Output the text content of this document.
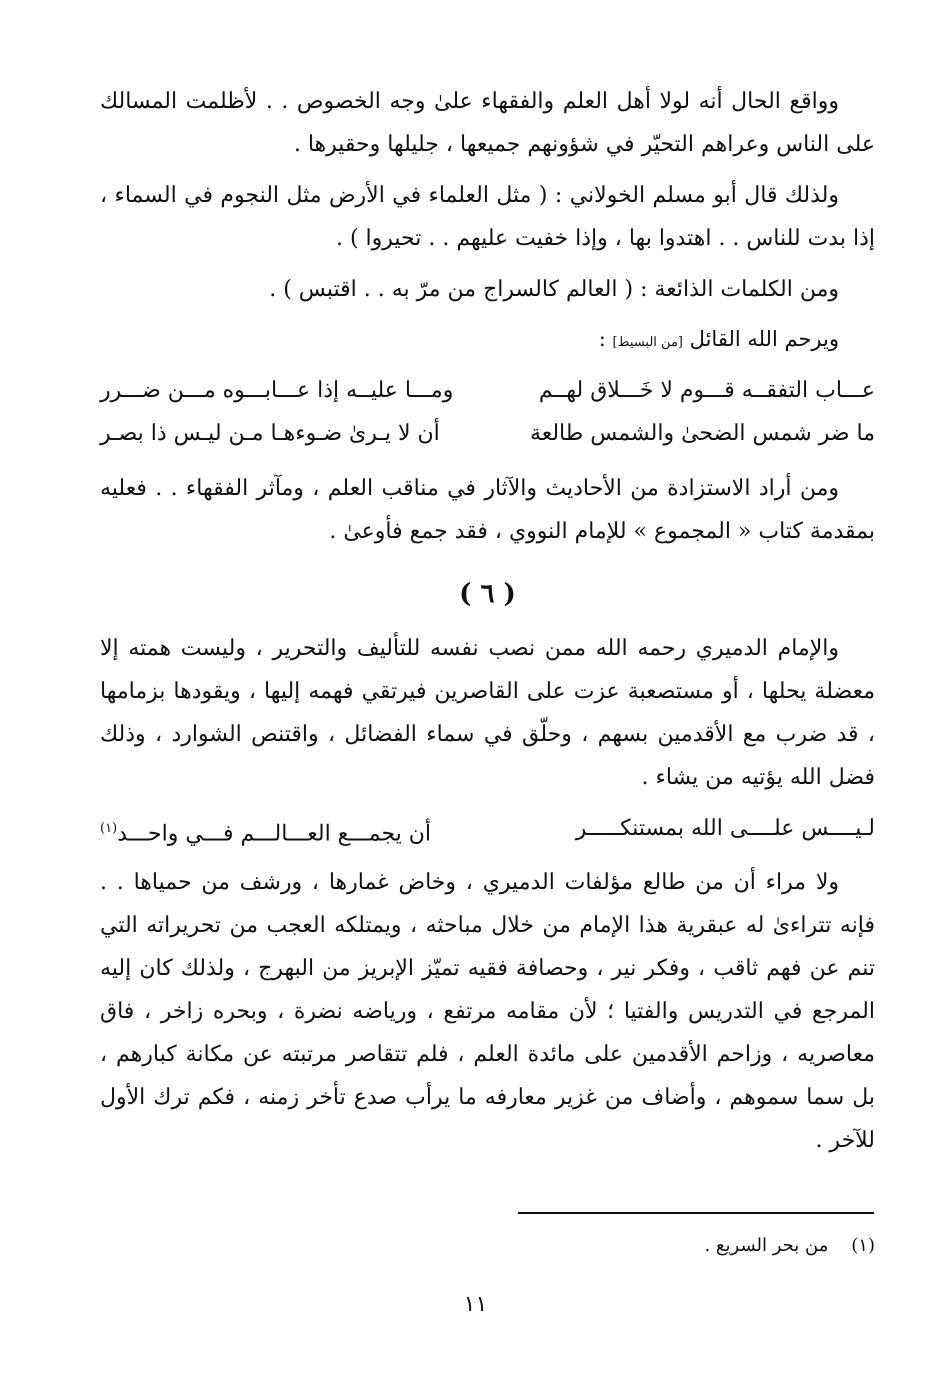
وواقع الحال أنه لولا أهل العلم والفقهاء علىٰ وجه الخصوص . . لأظلمت المسالك على الناس وعراهم التحيّر في شؤونهم جميعها ، جليلها وحقيرها .

ولذلك قال أبو مسلم الخولاني : ( مثل العلماء في الأرض مثل النجوم في السماء ، إذا بدت للناس . . اهتدوا بها ، وإذا خفيت عليهم . . تحيروا ) .

ومن الكلمات الذائعة : ( العالم كالسراج من مرّ به . . اقتبس ) .

ويرحم الله القائل [من البسيط] :
عـــاب التفقــه قـــوم لا خَـــلاق لهــم
ومـــا عليــه إذا عـــابـــوه مـــن ضـــرر
ما ضر شمس الضحىٰ والشمس طالعة
أن لا يـرىٰ ضـوءهـا مـن ليـس ذا بصـر

ومن أراد الاستزادة من الأحاديث والآثار في مناقب العلم ، ومآثر الفقهاء . . فعليه بمقدمة كتاب « المجموع » للإمام النووي ، فقد جمع فأوعىٰ .

( ٦ )

والإمام الدميري رحمه الله ممن نصب نفسه للتأليف والتحرير ، وليست همته إلا معضلة يحلها ، أو مستصعبة عزت على القاصرين فيرتقي فهمه إليها ، ويقودها بزمامها ، قد ضرب مع الأقدمين بسهم ، وحلّق في سماء الفضائل ، واقتنص الشوارد ، وذلك فضل الله يؤتيه من يشاء .

لـيــــس علــــى الله بمستنكـــــر
أن يجمـــع العـــالـــم فـــي واحـــد$^{(١)}$

ولا مراء أن من طالع مؤلفات الدميري ، وخاض غمارها ، ورشف من حمياها . . فإنه تتراءىٰ له عبقرية هذا الإمام من خلال مباحثه ، ويمتلكه العجب من تحريراته التي تنم عن فهم ثاقب ، وفكر نير ، وحصافة فقيه تميّز الإبريز من البهرج ، ولذلك كان إليه المرجع في التدريس والفتيا ؛ لأن مقامه مرتفع ، ورياضه نضرة ، وبحره زاخر ، فاق معاصريه ، وزاحم الأقدمين على مائدة العلم ، فلم تتقاصر مرتبته عن مكانة كبارهم ، بل سما سموهم ، وأضاف من غزير معارفه ما يرأب صدع تأخر زمنه ، فكم ترك الأول للآخر .

(١)    من بحر السريع .
١١
